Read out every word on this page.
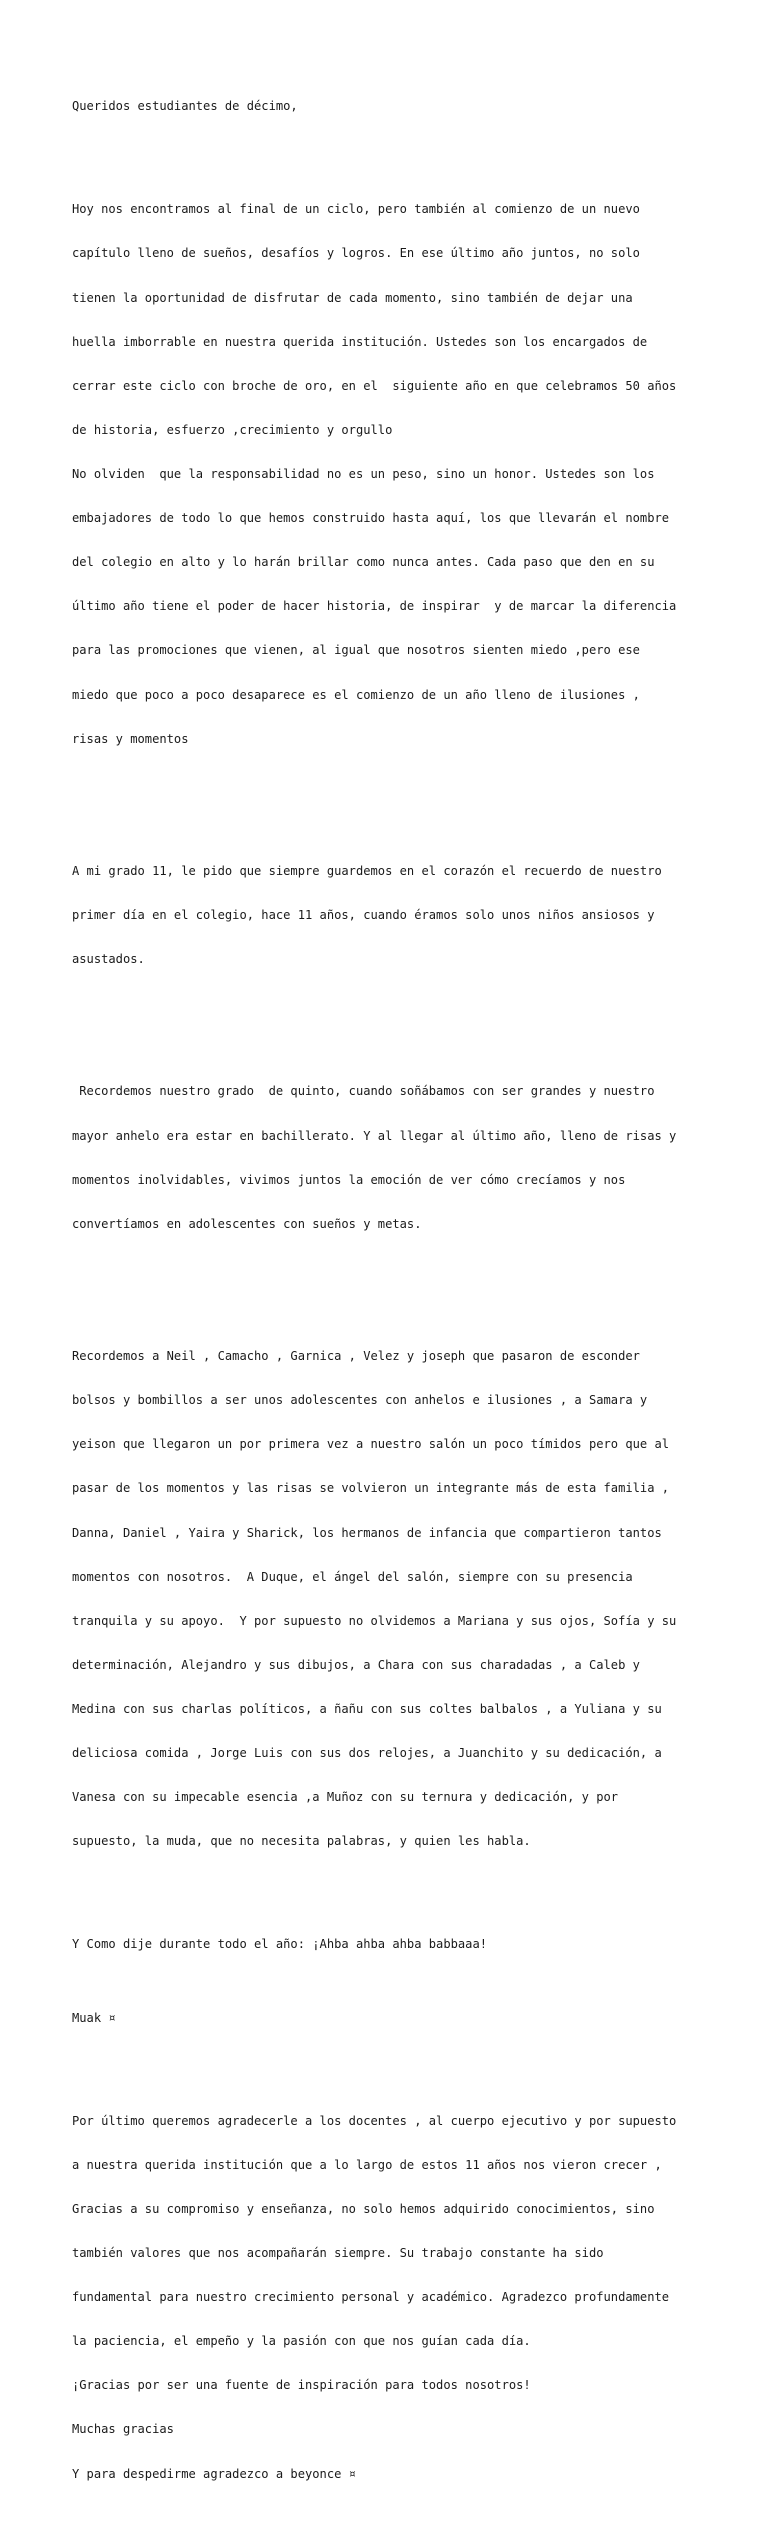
Queridos estudiantes de décimo,

Hoy nos encontramos al final de un ciclo, pero también al comienzo de un nuevo

capítulo lleno de sueños, desafíos y logros. En ese último año juntos, no solo

tienen la oportunidad de disfrutar de cada momento, sino también de dejar una

huella imborrable en nuestra querida institución. Ustedes son los encargados de

cerrar este ciclo con broche de oro, en el  siguiente año en que celebramos 50 años

de historia, esfuerzo ,crecimiento y orgullo

No olviden  que la responsabilidad no es un peso, sino un honor. Ustedes son los

embajadores de todo lo que hemos construido hasta aquí, los que llevarán el nombre

del colegio en alto y lo harán brillar como nunca antes. Cada paso que den en su

último año tiene el poder de hacer historia, de inspirar  y de marcar la diferencia

para las promociones que vienen, al igual que nosotros sienten miedo ,pero ese

miedo que poco a poco desaparece es el comienzo de un año lleno de ilusiones ,

risas y momentos

A mi grado 11, le pido que siempre guardemos en el corazón el recuerdo de nuestro

primer día en el colegio, hace 11 años, cuando éramos solo unos niños ansiosos y

asustados.

Recordemos nuestro grado  de quinto, cuando soñábamos con ser grandes y nuestro

mayor anhelo era estar en bachillerato. Y al llegar al último año, lleno de risas y

momentos inolvidables, vivimos juntos la emoción de ver cómo crecíamos y nos

convertíamos en adolescentes con sueños y metas.

Recordemos a Neil , Camacho , Garnica , Velez y joseph que pasaron de esconder

bolsos y bombillos a ser unos adolescentes con anhelos e ilusiones , a Samara y

yeison que llegaron un por primera vez a nuestro salón un poco tímidos pero que al

pasar de los momentos y las risas se volvieron un integrante más de esta familia ,

Danna, Daniel , Yaira y Sharick, los hermanos de infancia que compartieron tantos

momentos con nosotros.  A Duque, el ángel del salón, siempre con su presencia

tranquila y su apoyo.  Y por supuesto no olvidemos a Mariana y sus ojos, Sofía y su

determinación, Alejandro y sus dibujos, a Chara con sus charadadas , a Caleb y

Medina con sus charlas políticos, a ñañu con sus coltes balbalos , a Yuliana y su

deliciosa comida , Jorge Luis con sus dos relojes, a Juanchito y su dedicación, a

Vanesa con su impecable esencia ,a Muñoz con su ternura y dedicación, y por

supuesto, la muda, que no necesita palabras, y quien les habla.

Y Como dije durante todo el año: ¡Ahba ahba ahba babbaaa!

Muak ¤

Por último queremos agradecerle a los docentes , al cuerpo ejecutivo y por supuesto

a nuestra querida institución que a lo largo de estos 11 años nos vieron crecer ,

Gracias a su compromiso y enseñanza, no solo hemos adquirido conocimientos, sino

también valores que nos acompañarán siempre. Su trabajo constante ha sido

fundamental para nuestro crecimiento personal y académico. Agradezco profundamente

la paciencia, el empeño y la pasión con que nos guían cada día.

¡Gracias por ser una fuente de inspiración para todos nosotros!

Muchas gracias

Y para despedirme agradezco a beyonce ¤
